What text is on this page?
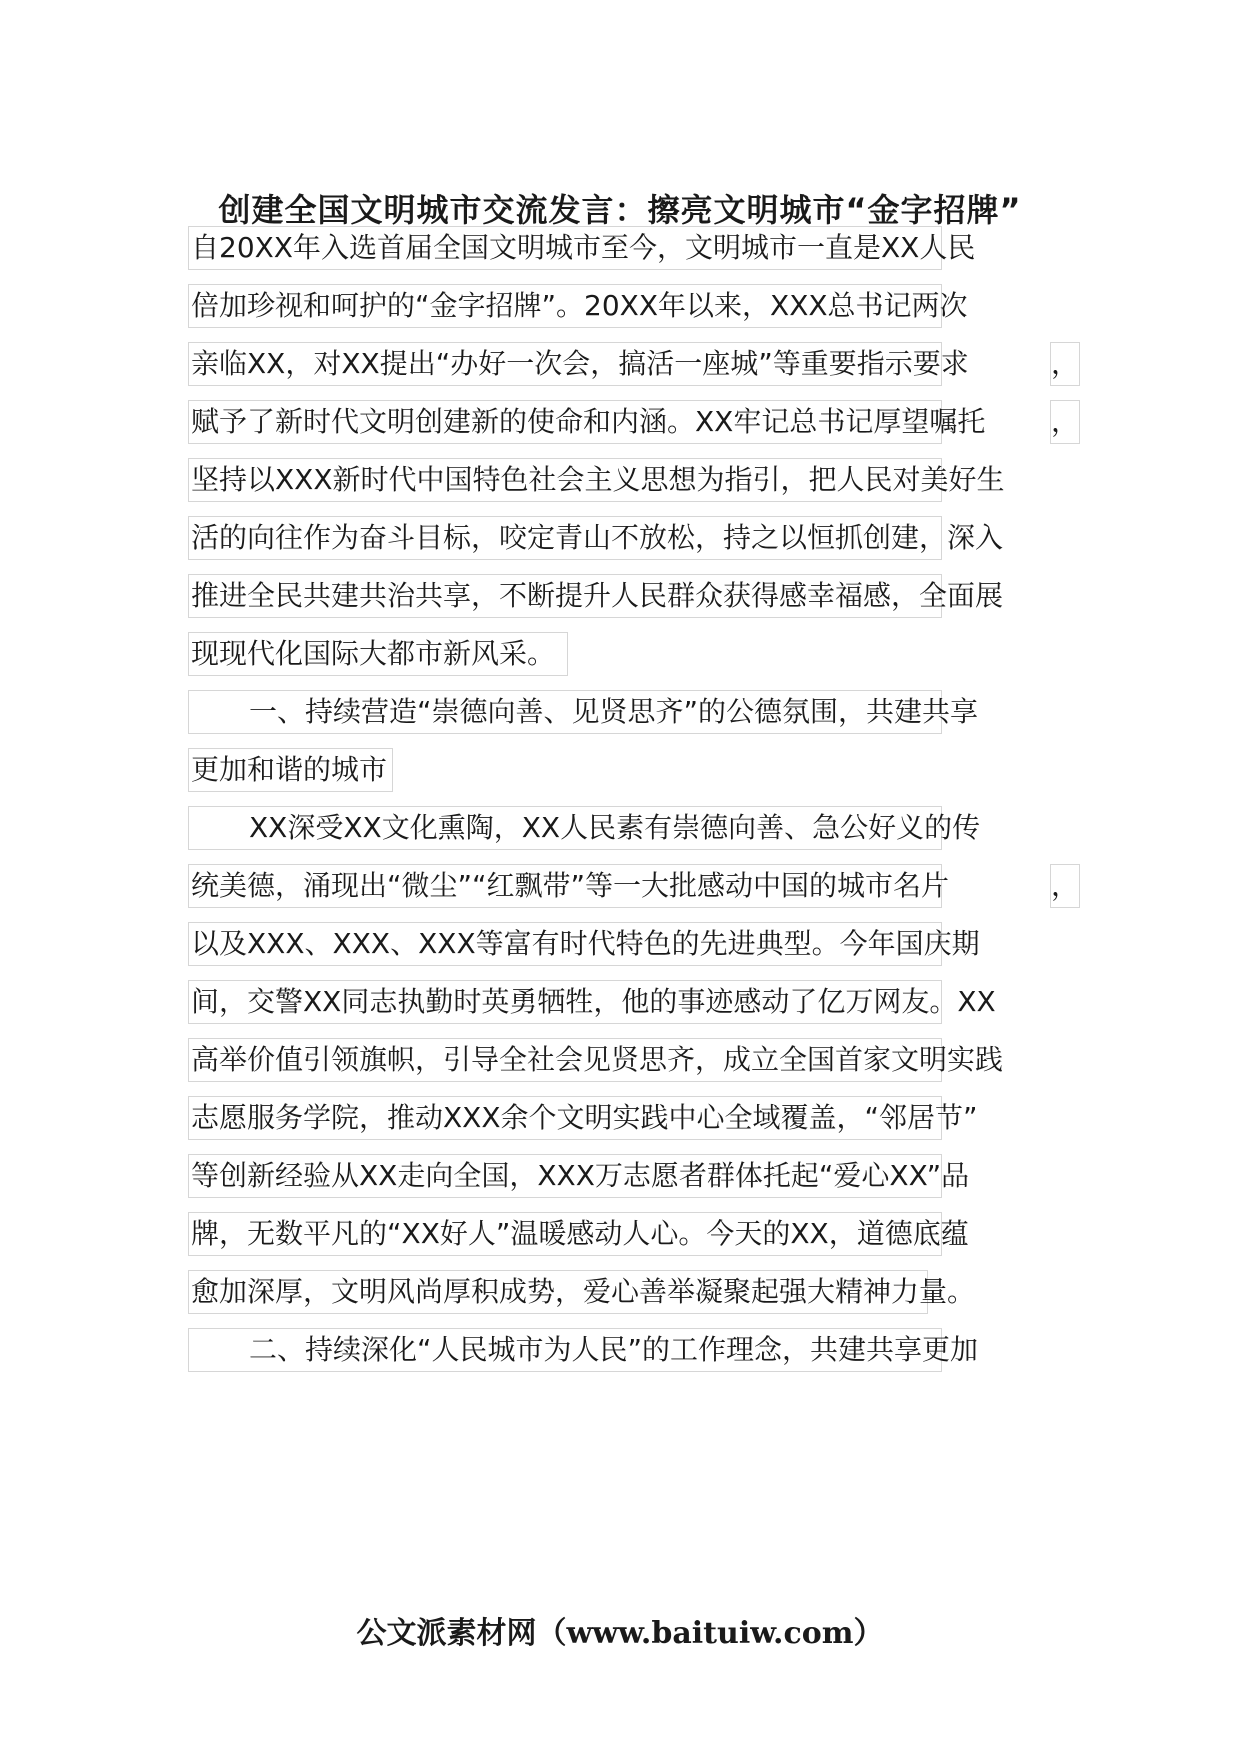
创建全国文明城市交流发言：擦亮文明城市“金字招牌”
自20XX年入选首届全国文明城市至今，文明城市一直是XX人民
倍加珍视和呵护的“金字招牌”。20XX年以来，XXX总书记两次
亲临XX，对XX提出“办好一次会，搞活一座城”等重要指示要求	，
赋予了新时代文明创建新的使命和内涵。XX牢记总书记厚望嘱托 ，
坚持以XXX新时代中国特色社会主义思想为指引，把人民对美好生
活的向往作为奋斗目标，咬定青山不放松，持之以恒抓创建，深入
推进全民共建共治共享，不断提升人民群众获得感幸福感，全面展
现现代化国际大都市新风采。
一、持续营造“崇德向善、见贤思齐”的公德氛围，共建共享
更加和谐的城市
XX深受XX文化熏陶，XX人民素有崇德向善、急公好义的传
统美德，涌现出“微尘”“红飘带”等一大批感动中国的城市名片	，
以及XXX、XXX、XXX等富有时代特色的先进典型。今年国庆期
间，交警XX同志执勤时英勇牺牲，他的事迹感动了亿万网友。XX
高举价值引领旗帜，引导全社会见贤思齐，成立全国首家文明实践
志愿服务学院，推动XXX余个文明实践中心全域覆盖，“邻居节”
等创新经验从XX走向全国，XXX万志愿者群体托起“爱心XX”品
牌，无数平凡的“XX好人”温暖感动人心。今天的XX，道德底蕴
愈加深厚，文明风尚厚积成势，爱心善举凝聚起强大精神力量。
二、持续深化“人民城市为人民”的工作理念，共建共享更加
公文派素材网（www.baituiw.com）
